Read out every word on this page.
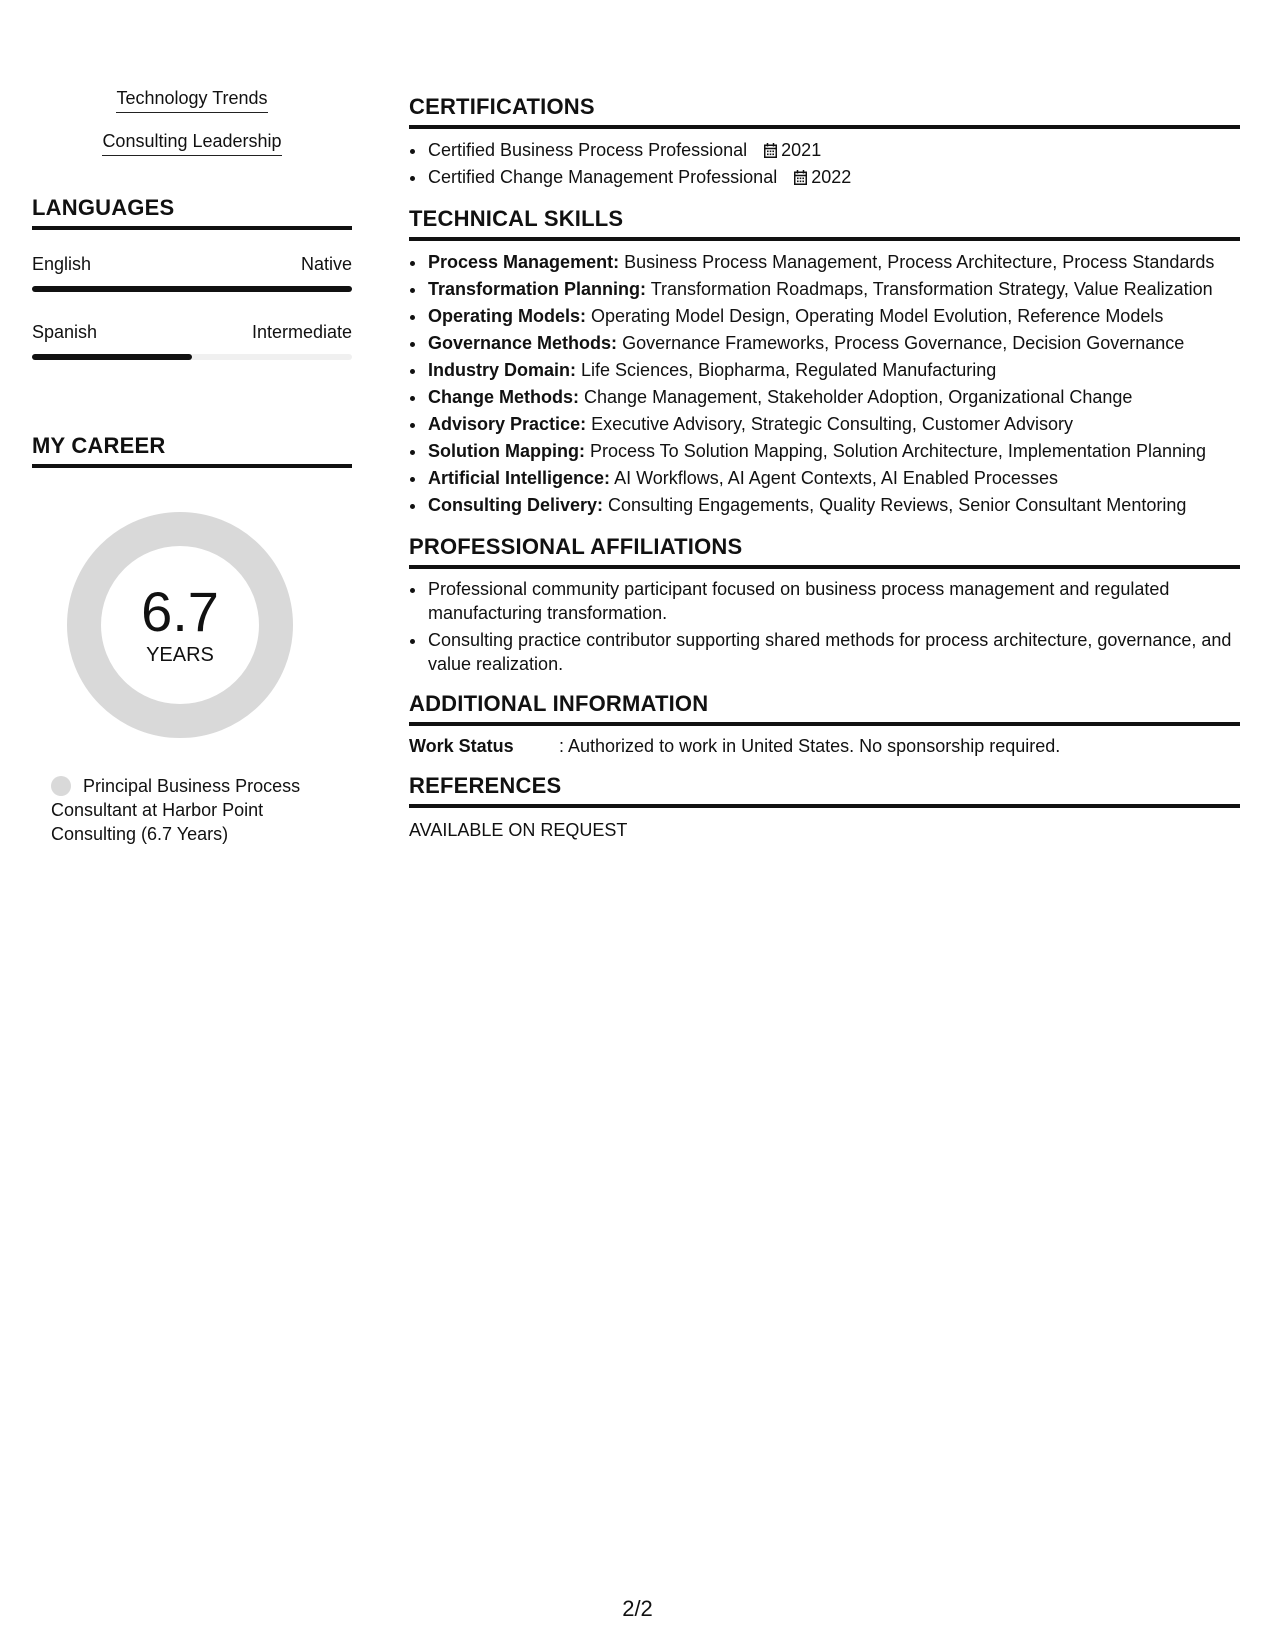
Technology Trends
Consulting Leadership
LANGUAGES
English	Native
Spanish	Intermediate
MY CAREER
6.7
YEARS
Principal Business Process Consultant at Harbor Point Consulting (6.7 Years)
CERTIFICATIONS
• Certified Business Process Professional 2021
• Certified Change Management Professional 2022
TECHNICAL SKILLS
• Process Management: Business Process Management, Process Architecture, Process Standards
• Transformation Planning: Transformation Roadmaps, Transformation Strategy, Value Realization
• Operating Models: Operating Model Design, Operating Model Evolution, Reference Models
• Governance Methods: Governance Frameworks, Process Governance, Decision Governance
• Industry Domain: Life Sciences, Biopharma, Regulated Manufacturing
• Change Methods: Change Management, Stakeholder Adoption, Organizational Change
• Advisory Practice: Executive Advisory, Strategic Consulting, Customer Advisory
• Solution Mapping: Process To Solution Mapping, Solution Architecture, Implementation Planning
• Artificial Intelligence: AI Workflows, AI Agent Contexts, AI Enabled Processes
• Consulting Delivery: Consulting Engagements, Quality Reviews, Senior Consultant Mentoring
PROFESSIONAL AFFILIATIONS
• Professional community participant focused on business process management and regulated manufacturing transformation.
• Consulting practice contributor supporting shared methods for process architecture, governance, and value realization.
ADDITIONAL INFORMATION
Work Status	: Authorized to work in United States. No sponsorship required.
REFERENCES
AVAILABLE ON REQUEST
2/2
